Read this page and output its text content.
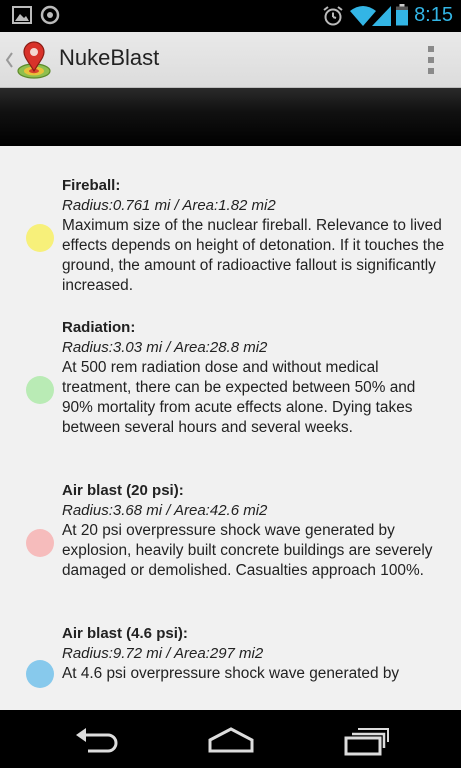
8:15
NukeBlast
Fireball:
Radius:0.761 mi / Area:1.82 mi2
Maximum size of the nuclear fireball. Relevance to lived effects depends on height of detonation. If it touches the ground, the amount of radioactive fallout is significantly increased.
Radiation:
Radius:3.03 mi / Area:28.8 mi2
At 500 rem radiation dose and without medical treatment, there can be expected between 50% and 90% mortality from acute effects alone. Dying takes between several hours and several weeks.
Air blast (20 psi):
Radius:3.68 mi / Area:42.6 mi2
At 20 psi overpressure shock wave generated by explosion, heavily built concrete buildings are severely damaged or demolished. Casualties approach 100%.
Air blast (4.6 psi):
Radius:9.72 mi / Area:297 mi2
At 4.6 psi overpressure shock wave generated by
